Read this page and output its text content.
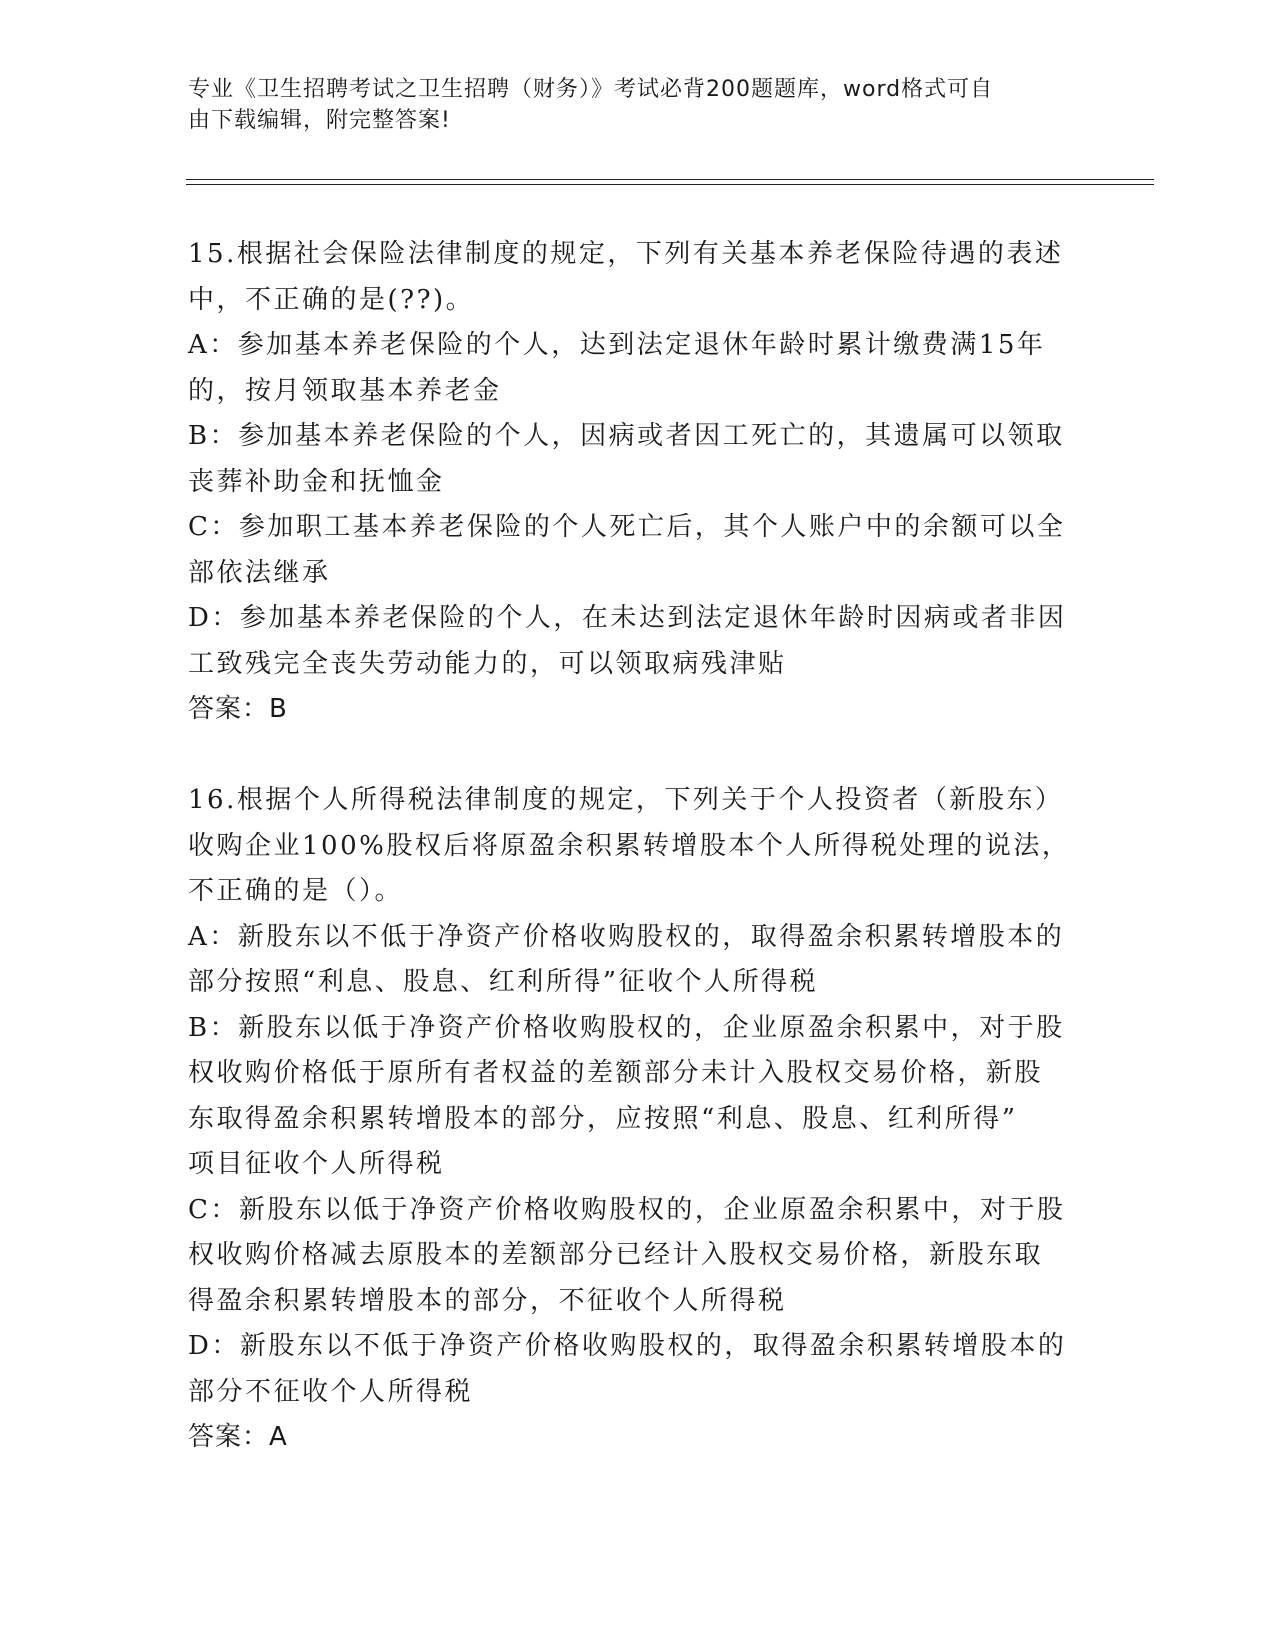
专业《卫生招聘考试之卫生招聘（财务）》考试必背200题题库，word格式可自
由下载编辑，附完整答案!

15.根据社会保险法律制度的规定，下列有关基本养老保险待遇的表述

中，不正确的是(??)。

A：参加基本养老保险的个人，达到法定退休年龄时累计缴费满15年

的，按月领取基本养老金

B：参加基本养老保险的个人，因病或者因工死亡的，其遗属可以领取

丧葬补助金和抚恤金

C：参加职工基本养老保险的个人死亡后，其个人账户中的余额可以全

部依法继承

D：参加基本养老保险的个人，在未达到法定退休年龄时因病或者非因

工致残完全丧失劳动能力的，可以领取病残津贴

答案：B

16.根据个人所得税法律制度的规定，下列关于个人投资者（新股东）

收购企业100%股权后将原盈余积累转增股本个人所得税处理的说法，

不正确的是（）。

A：新股东以不低于净资产价格收购股权的，取得盈余积累转增股本的

部分按照“利息、股息、红利所得”征收个人所得税

B：新股东以低于净资产价格收购股权的，企业原盈余积累中，对于股

权收购价格低于原所有者权益的差额部分未计入股权交易价格，新股

东取得盈余积累转增股本的部分，应按照“利息、股息、红利所得”

项目征收个人所得税

C：新股东以低于净资产价格收购股权的，企业原盈余积累中，对于股

权收购价格减去原股本的差额部分已经计入股权交易价格，新股东取

得盈余积累转增股本的部分，不征收个人所得税

D：新股东以不低于净资产价格收购股权的，取得盈余积累转增股本的

部分不征收个人所得税

答案：A
